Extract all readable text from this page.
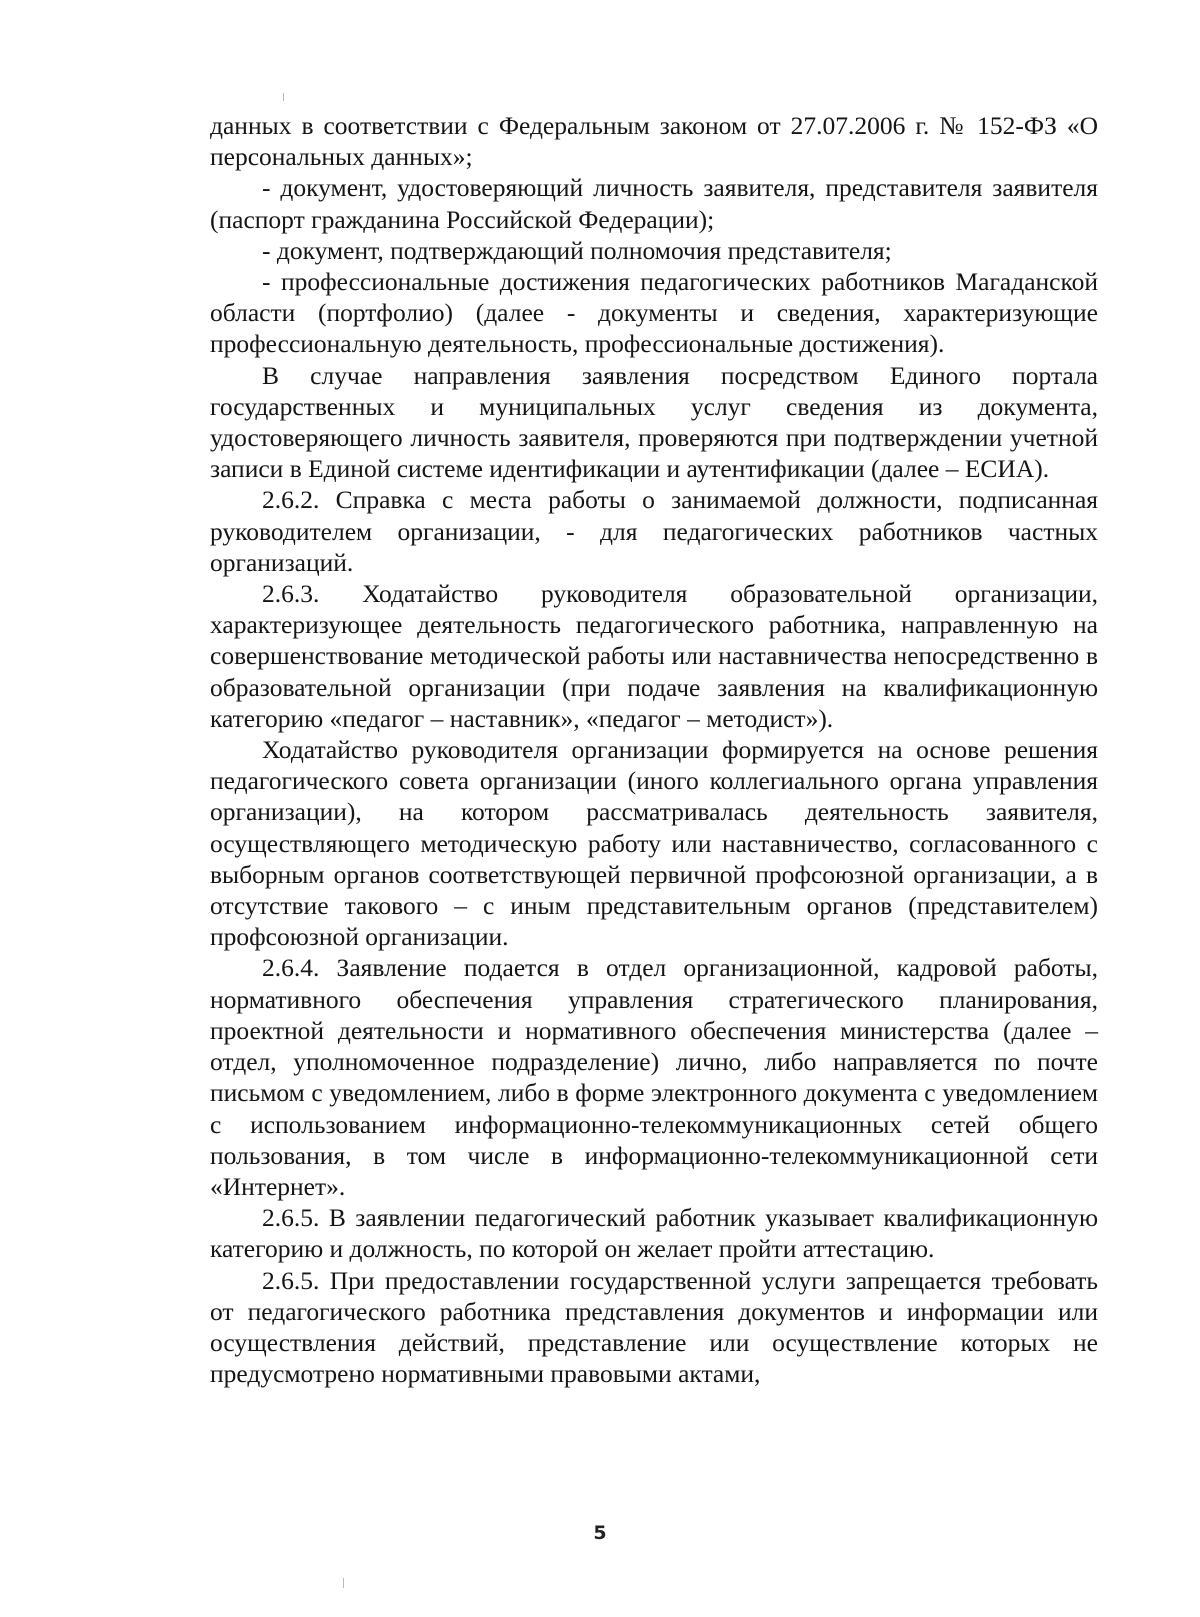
данных в соответствии с Федеральным законом от 27.07.2006 г. № 152-ФЗ «О персональных данных»;

- документ, удостоверяющий личность заявителя, представителя заявителя (паспорт гражданина Российской Федерации);

- документ, подтверждающий полномочия представителя;

- профессиональные достижения педагогических работников Магаданской области (портфолио) (далее - документы и сведения, характеризующие профессиональную деятельность, профессиональные достижения).

В случае направления заявления посредством Единого портала государственных и муниципальных услуг сведения из документа, удостоверяющего личность заявителя, проверяются при подтверждении учетной записи в Единой системе идентификации и аутентификации (далее – ЕСИА).

2.6.2. Справка с места работы о занимаемой должности, подписанная руководителем организации, - для педагогических работников частных организаций.

2.6.3. Ходатайство руководителя образовательной организации, характеризующее деятельность педагогического работника, направленную на совершенствование методической работы или наставничества непосредственно в образовательной организации (при подаче заявления на квалификационную категорию «педагог – наставник», «педагог – методист»).

Ходатайство руководителя организации формируется на основе решения педагогического совета организации (иного коллегиального органа управления организации), на котором рассматривалась деятельность заявителя, осуществляющего методическую работу или наставничество, согласованного с выборным органов соответствующей первичной профсоюзной организации, а в отсутствие такового – с иным представительным органов (представителем) профсоюзной организации.

2.6.4. Заявление подается в отдел организационной, кадровой работы, нормативного обеспечения управления стратегического планирования, проектной деятельности и нормативного обеспечения министерства (далее – отдел, уполномоченное подразделение) лично, либо направляется по почте письмом с уведомлением, либо в форме электронного документа с уведомлением с использованием информационно-телекоммуникационных сетей общего пользования, в том числе в информационно-телекоммуникационной сети «Интернет».

2.6.5. В заявлении педагогический работник указывает квалификационную категорию и должность, по которой он желает пройти аттестацию.

2.6.5. При предоставлении государственной услуги запрещается требовать от педагогического работника представления документов и информации или осуществления действий, представление или осуществление которых не предусмотрено нормативными правовыми актами,

5
